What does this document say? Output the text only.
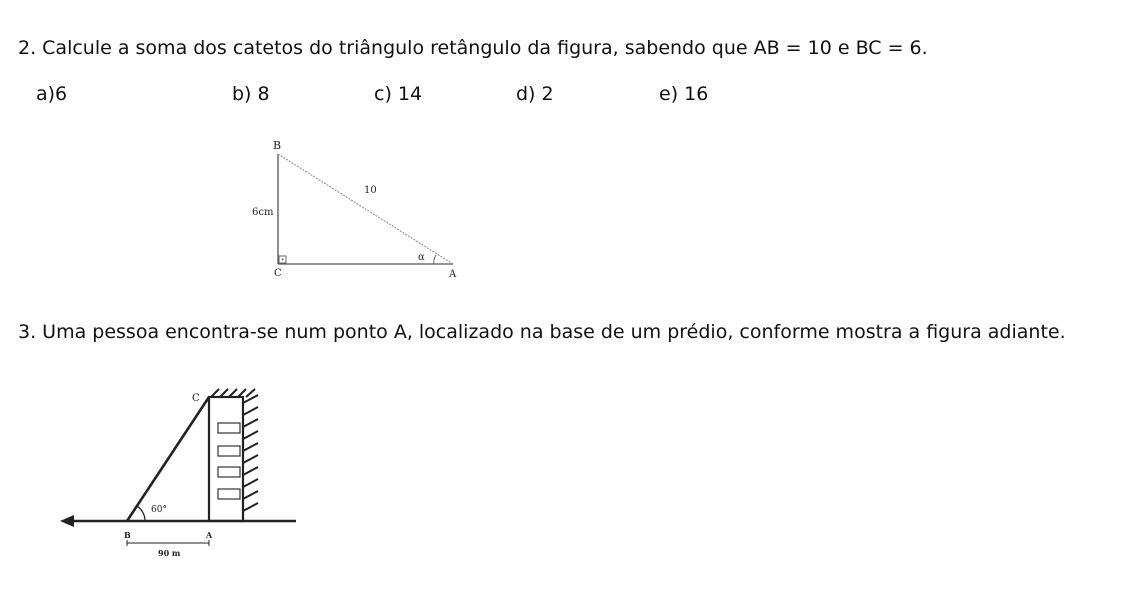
2. Calcule a soma dos catetos do triângulo retângulo da figura, sabendo que AB = 10 e BC = 6.
a)6	b) 8	c) 14	d) 2	e) 16
B
10
6cm
α
C	A
3. Uma pessoa encontra-se num ponto A, localizado na base de um prédio, conforme mostra a figura adiante.
60°
C
B	A
90 m
